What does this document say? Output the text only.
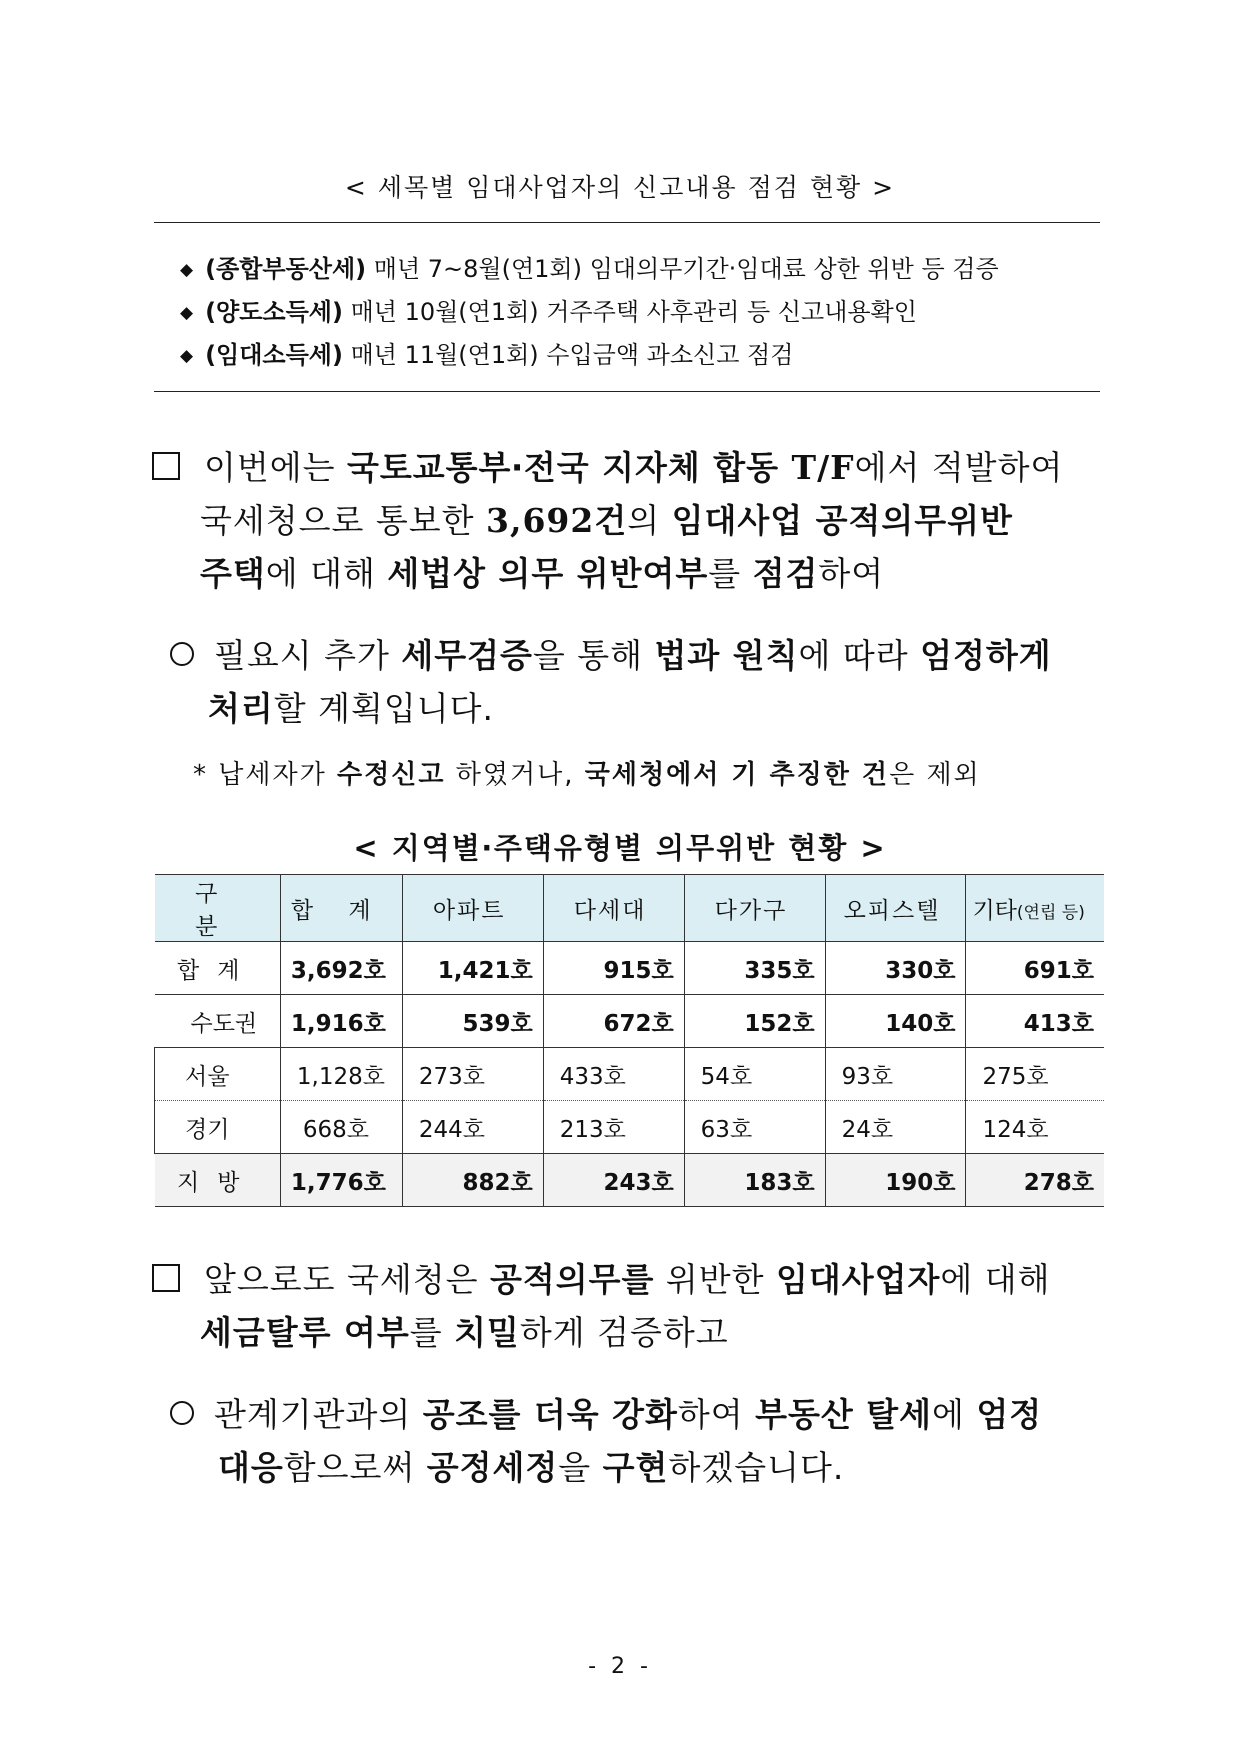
< 세목별 임대사업자의 신고내용 점검 현황 >
◆ (종합부동산세) 매년 7~8월(연1회) 임대의무기간‧임대료 상한 위반 등 검증
◆ (양도소득세) 매년 10월(연1회) 거주주택 사후관리 등 신고내용확인
◆ (임대소득세) 매년 11월(연1회) 수입금액 과소신고 점검
이번에는 국토교통부‧전국 지자체 합동 T/F에서 적발하여
국세청으로 통보한 3,692건의 임대사업 공적의무위반
주택에 대해 세법상 의무 위반여부를 점검하여
필요시 추가 세무검증을 통해 법과 원칙에 따라 엄정하게
처리할 계획입니다.
* 납세자가 수정신고 하였거나, 국세청에서 기 추징한 건은 제외
< 지역별‧주택유형별 의무위반 현황 >
구 분	합 계	아파트	다세대	다가구	오피스텔	기타(연립 등)
합계	3,692호	1,421호	915호	335호	330호	691호
수도권	1,916호	539호	672호	152호	140호	413호
서울	1,128호	273호	433호	54호	93호	275호
경기	668호	244호	213호	63호	24호	124호
지방	1,776호	882호	243호	183호	190호	278호
앞으로도 국세청은 공적의무를 위반한 임대사업자에 대해
세금탈루 여부를 치밀하게 검증하고
관계기관과의 공조를 더욱 강화하여 부동산 탈세에 엄정
대응함으로써 공정세정을 구현하겠습니다.
- 2 -
